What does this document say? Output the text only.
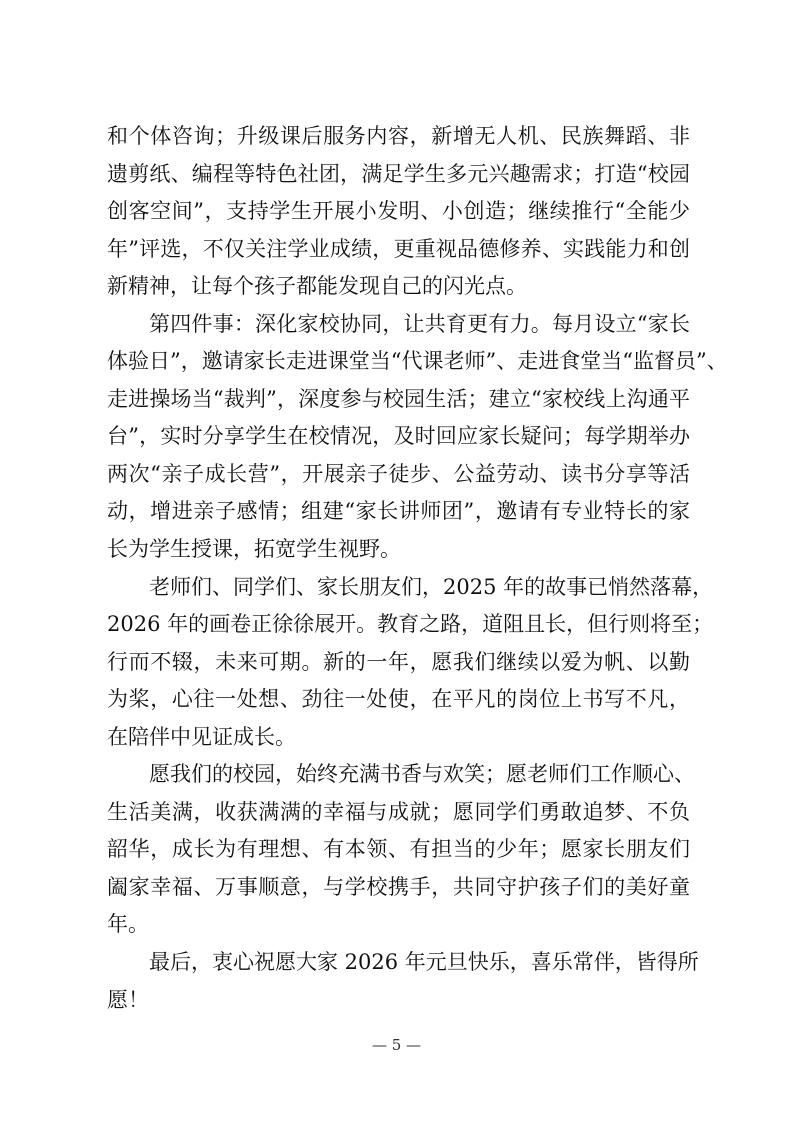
和个体咨询；升级课后服务内容，新增无人机、民族舞蹈、非
遗剪纸、编程等特色社团，满足学生多元兴趣需求；打造“校园
创客空间”，支持学生开展小发明、小创造；继续推行“全能少
年”评选，不仅关注学业成绩，更重视品德修养、实践能力和创
新精神，让每个孩子都能发现自己的闪光点。
第四件事：深化家校协同，让共育更有力。每月设立“家长
体验日”，邀请家长走进课堂当“代课老师”、走进食堂当“监督员”、
走进操场当“裁判”，深度参与校园生活；建立“家校线上沟通平
台”，实时分享学生在校情况，及时回应家长疑问；每学期举办
两次“亲子成长营”，开展亲子徒步、公益劳动、读书分享等活
动，增进亲子感情；组建“家长讲师团”，邀请有专业特长的家
长为学生授课，拓宽学生视野。
老师们、同学们、家长朋友们，2025 年的故事已悄然落幕，
2026 年的画卷正徐徐展开。教育之路，道阻且长，但行则将至；
行而不辍，未来可期。新的一年，愿我们继续以爱为帆、以勤
为桨，心往一处想、劲往一处使，在平凡的岗位上书写不凡，
在陪伴中见证成长。
愿我们的校园，始终充满书香与欢笑；愿老师们工作顺心、
生活美满，收获满满的幸福与成就；愿同学们勇敢追梦、不负
韶华，成长为有理想、有本领、有担当的少年；愿家长朋友们
阖家幸福、万事顺意，与学校携手，共同守护孩子们的美好童
年。
最后，衷心祝愿大家 2026 年元旦快乐，喜乐常伴，皆得所
愿！
— 5 —
